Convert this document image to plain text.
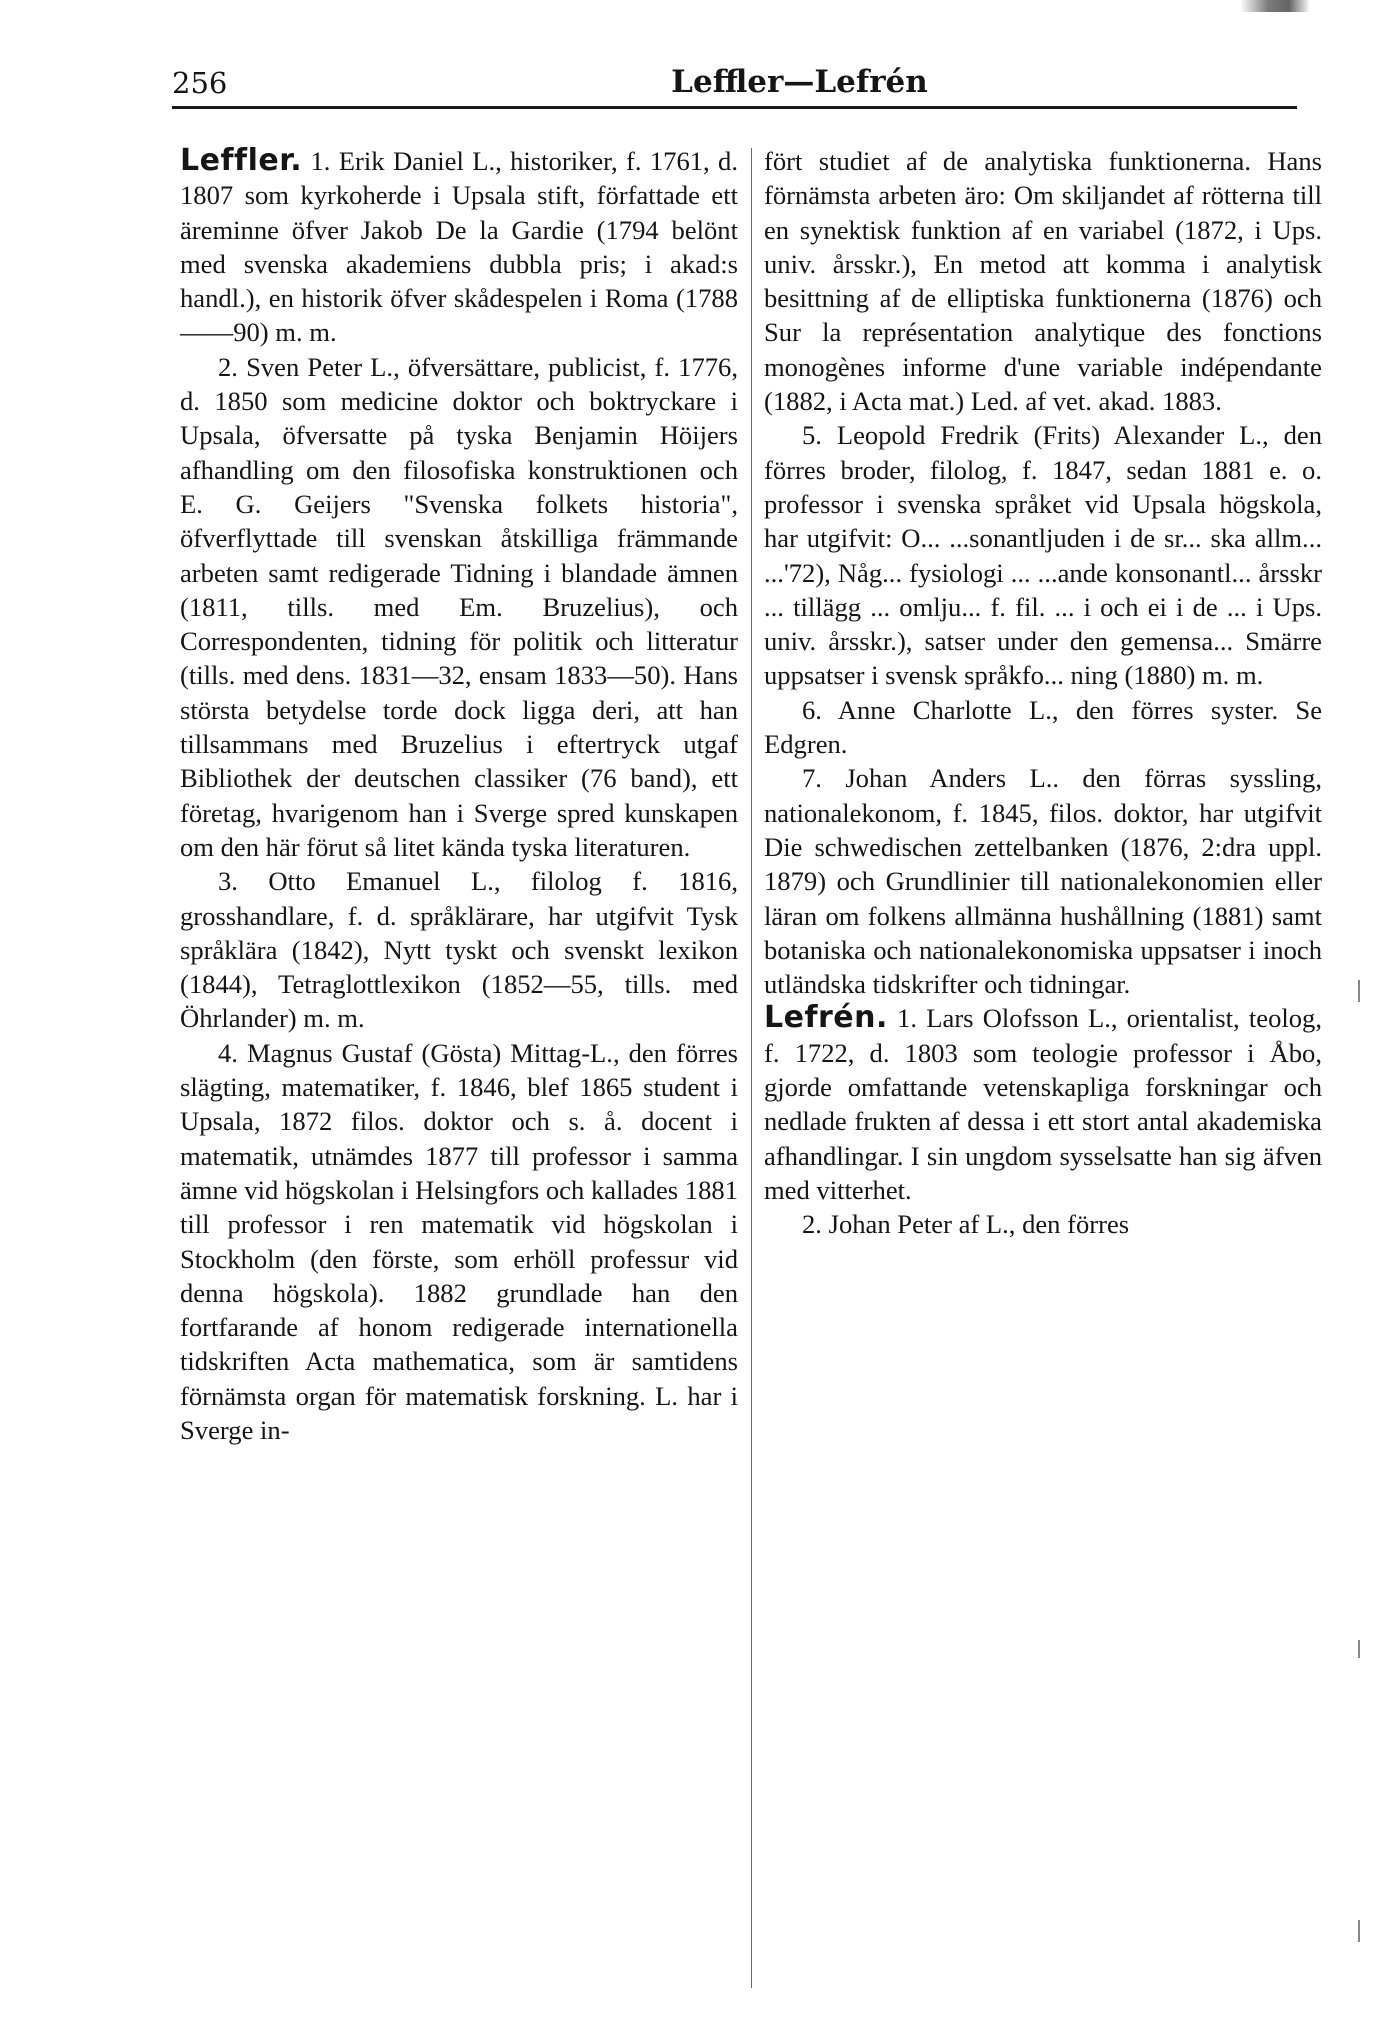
256	Leffler—Lefrén

Leffler. 1. Erik Daniel L., historiker, f. 1761, d. 1807 som kyrkoherde i Upsala stift, författade ett äreminne öfver Jakob De la Gardie (1794 belönt med svenska akademiens dubbla pris; i akad:s handl.), en historik öfver skådespelen i Roma (1788——90) m. m.

2. Sven Peter L., öfversättare, publicist, f. 1776, d. 1850 som medicine doktor och boktryckare i Upsala, öfversatte på tyska Benjamin Höijers afhandling om den filosofiska konstruktionen och E. G. Geijers "Svenska folkets historia", öfverflyttade till svenskan åtskilliga främmande arbeten samt redigerade Tidning i blandade ämnen (1811, tills. med Em. Bruzelius), och Correspondenten, tidning för politik och litteratur (tills. med dens. 1831—32, ensam 1833—50). Hans största betydelse torde dock ligga deri, att han tillsammans med Bruzelius i eftertryck utgaf Bibliothek der deutschen classiker (76 band), ett företag, hvarigenom han i Sverge spred kunskapen om den här förut så litet kända tyska literaturen.

3. Otto Emanuel L., filolog f. 1816, grosshandlare, f. d. språklärare, har utgifvit Tysk språklära (1842), Nytt tyskt och svenskt lexikon (1844), Tetraglottlexikon (1852—55, tills. med Öhrlander) m. m.

4. Magnus Gustaf (Gösta) Mittag-L., den förres slägting, matematiker, f. 1846, blef 1865 student i Upsala, 1872 filos. doktor och s. å. docent i matematik, utnämdes 1877 till professor i samma ämne vid högskolan i Helsingfors och kallades 1881 till professor i ren matematik vid högskolan i Stockholm (den förste, som erhöll professur vid denna högskola). 1882 grundlade han den fortfarande af honom redigerade internationella tidskriften Acta mathematica, som är samtidens förnämsta organ för matematisk forskning. L. har i Sverge in-

fört studiet af de analytiska funktionerna. Hans förnämsta arbeten äro: Om skiljandet af rötterna till en synektisk funktion af en variabel (1872, i Ups. univ. årsskr.), En metod att komma i analytisk besittning af de elliptiska funktionerna (1876) och Sur la représentation analytique des fonctions monogènes informe d'une variable indépendante (1882, i Acta mat.) Led. af vet. akad. 1883.

5. Leopold Fredrik (Frits) Alexander L., den förres broder, filolog, f. 1847, sedan 1881 e. o. professor i svenska språket vid Upsala högskola, har utgifvit: O... ...sonantljuden i de sr... ska allm... ...'72), Någ... fysiologi ... ...ande konsonantl... årsskr ... tillägg ... omlju... f. fil. ... i och ei i de ... i Ups. univ. årsskr.), satser under den gemensa... Smärre uppsatser i svensk språkfo... ning (1880) m. m.

6. Anne Charlotte L., den förres syster. Se Edgren.

7. Johan Anders L.. den förras syssling, nationalekonom, f. 1845, filos. doktor, har utgifvit Die schwedischen zettelbanken (1876, 2:dra uppl. 1879) och Grundlinier till nationalekonomien eller läran om folkens allmänna hushållning (1881) samt botaniska och nationalekonomiska uppsatser i inoch utländska tidskrifter och tidningar.

Lefrén. 1. Lars Olofsson L., orientalist, teolog, f. 1722, d. 1803 som teologie professor i Åbo, gjorde omfattande vetenskapliga forskningar och nedlade frukten af dessa i ett stort antal akademiska afhandlingar. I sin ungdom sysselsatte han sig äfven med vitterhet.

2. Johan Peter af L., den förres
